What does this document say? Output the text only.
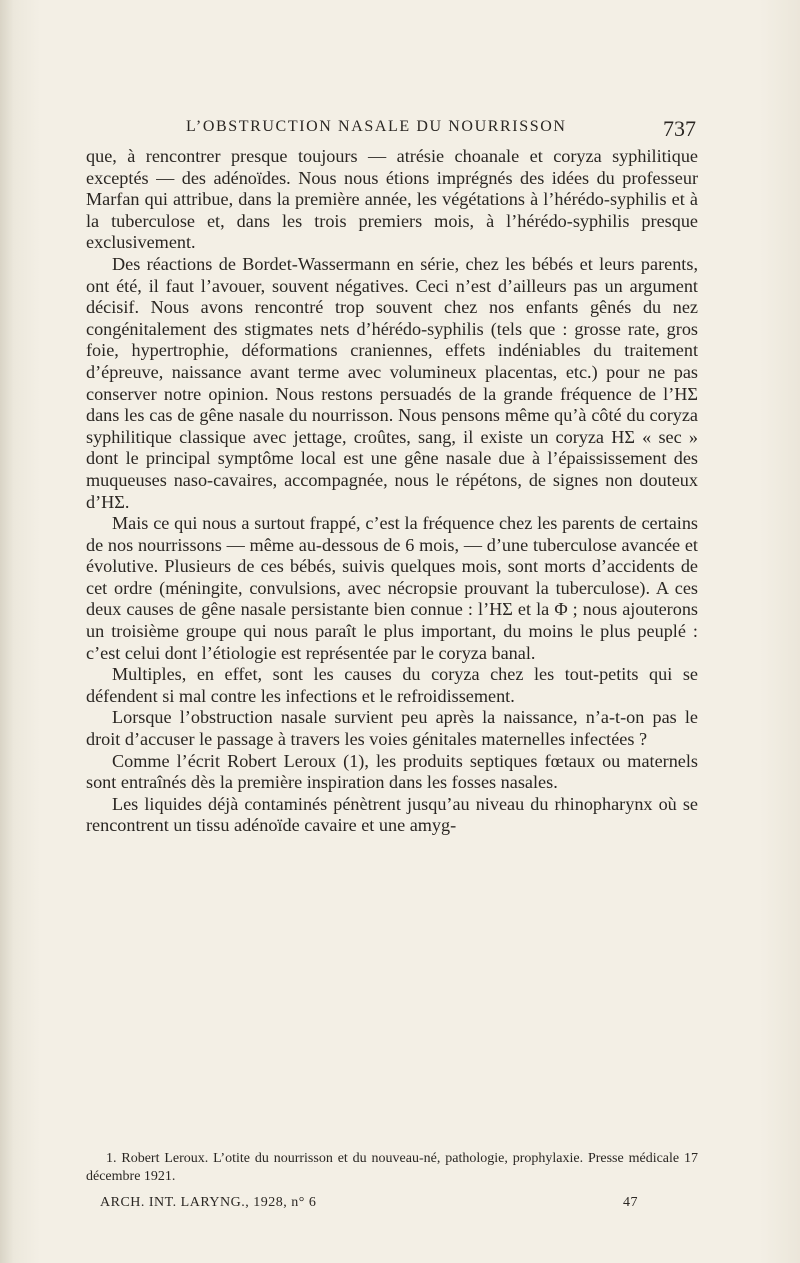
L’OBSTRUCTION NASALE DU NOURRISSON	737

que, à rencontrer presque toujours — atrésie choanale et coryza syphilitique exceptés — des adénoïdes. Nous nous étions imprégnés des idées du professeur Marfan qui attribue, dans la première année, les végétations à l’hérédo-syphilis et à la tuberculose et, dans les trois premiers mois, à l’hérédo-syphilis presque exclusivement.

Des réactions de Bordet-Wassermann en série, chez les bébés et leurs parents, ont été, il faut l’avouer, souvent négatives. Ceci n’est d’ailleurs pas un argument décisif. Nous avons rencontré trop souvent chez nos enfants gênés du nez congénitalement des stigmates nets d’hérédo-syphilis (tels que : grosse rate, gros foie, hypertrophie, déformations craniennes, effets indéniables du traitement d’épreuve, naissance avant terme avec volumineux placentas, etc.) pour ne pas conserver notre opinion. Nous restons persuadés de la grande fréquence de l’HΣ dans les cas de gêne nasale du nourrisson. Nous pensons même qu’à côté du coryza syphilitique classique avec jettage, croûtes, sang, il existe un coryza HΣ « sec » dont le principal symptôme local est une gêne nasale due à l’épaississement des muqueuses naso-cavaires, accompagnée, nous le répétons, de signes non douteux d’HΣ.

Mais ce qui nous a surtout frappé, c’est la fréquence chez les parents de certains de nos nourrissons — même au-dessous de 6 mois, — d’une tuberculose avancée et évolutive. Plusieurs de ces bébés, suivis quelques mois, sont morts d’accidents de cet ordre (méningite, convulsions, avec nécropsie prouvant la tuberculose). A ces deux causes de gêne nasale persistante bien connue : l’HΣ et la Φ ; nous ajouterons un troisième groupe qui nous paraît le plus important, du moins le plus peuplé : c’est celui dont l’étiologie est représentée par le coryza banal.

Multiples, en effet, sont les causes du coryza chez les tout-petits qui se défendent si mal contre les infections et le refroidissement.

Lorsque l’obstruction nasale survient peu après la naissance, n’a-t-on pas le droit d’accuser le passage à travers les voies génitales maternelles infectées ?

Comme l’écrit Robert Leroux (1), les produits septiques fœtaux ou maternels sont entraînés dès la première inspiration dans les fosses nasales.

Les liquides déjà contaminés pénètrent jusqu’au niveau du rhinopharynx où se rencontrent un tissu adénoïde cavaire et une amyg-

1. Robert Leroux. L’otite du nourrisson et du nouveau-né, pathologie, prophylaxie. Presse médicale 17 décembre 1921.

ARCH. INT. LARYNG., 1928, n° 6	47
